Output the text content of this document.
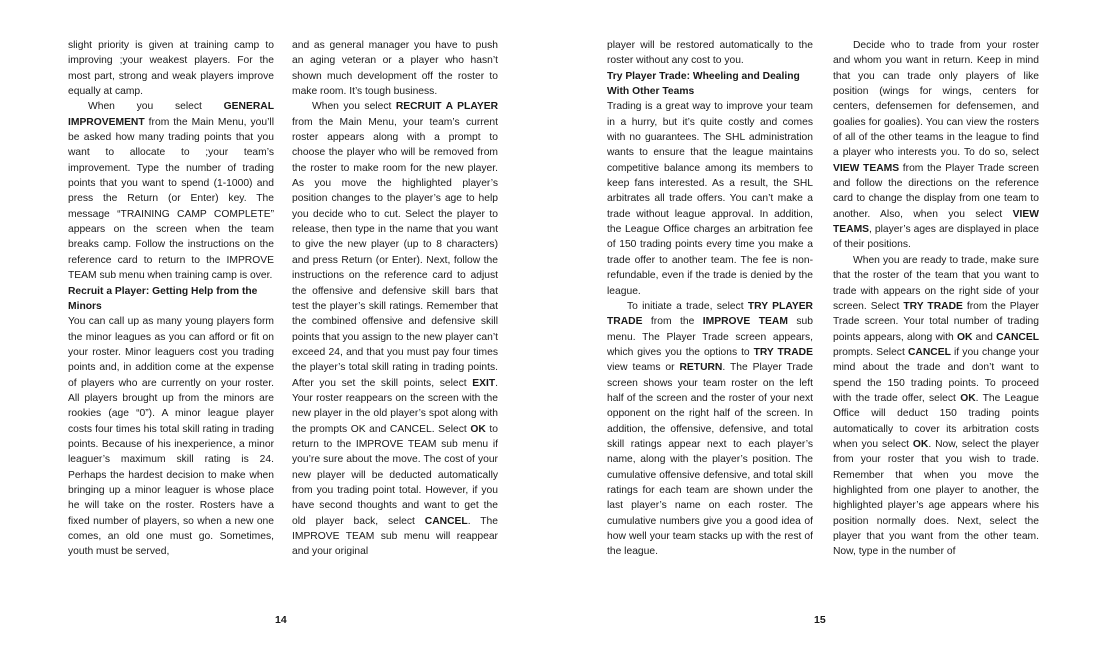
slight priority is given at training camp to improving ;your weakest players. For the most part, strong and weak players improve equally at camp.

When you select GENERAL IMPROVEMENT from the Main Menu, you’ll be asked how many trading points that you want to allocate to ;your team’s improvement. Type the number of trading points that you want to spend (1-1000) and press the Return (or Enter) key. The message “TRAINING CAMP COMPLETE” appears on the screen when the team breaks camp. Follow the instructions on the reference card to return to the IMPROVE TEAM sub menu when training camp is over.

Recruit a Player: Getting Help from the Minors

You can call up as many young players form the minor leagues as you can afford or fit on your roster. Minor leaguers cost you trading points and, in addition come at the expense of players who are currently on your roster. All players brought up from the minors are rookies (age “0”). A minor league player costs four times his total skill rating in trading points. Because of his inexperience, a minor leaguer’s maximum skill rating is 24. Perhaps the hardest decision to make when bringing up a minor leaguer is whose place he will take on the roster. Rosters have a fixed number of players, so when a new one comes, an old one must go. Sometimes, youth must be served,

and as general manager you have to push an aging veteran or a player who hasn’t shown much development off the roster to make room. It’s tough business.

When you select RECRUIT A PLAYER from the Main Menu, your team’s current roster appears along with a prompt to choose the player who will be removed from the roster to make room for the new player. As you move the highlighted player’s position changes to the player’s age to help you decide who to cut. Select the player to release, then type in the name that you want to give the new player (up to 8 characters) and press Return (or Enter). Next, follow the instructions on the reference card to adjust the offensive and defensive skill bars that test the player’s skill ratings. Remember that the combined offensive and defensive skill points that you assign to the new player can’t exceed 24, and that you must pay four times the player’s total skill rating in trading points. After you set the skill points, select EXIT. Your roster reappears on the screen with the new player in the old player’s spot along with the prompts OK and CANCEL. Select OK to return to the IMPROVE TEAM sub menu if you’re sure about the move. The cost of your new player will be deducted automatically from you trading point total. However, if you have second thoughts and want to get the old player back, select CANCEL. The IMPROVE TEAM sub menu will reappear and your original

14

player will be restored automatically to the roster without any cost to you.

Try Player Trade: Wheeling and Dealing With Other Teams

Trading is a great way to improve your team in a hurry, but it’s quite costly and comes with no guarantees. The SHL administration wants to ensure that the league maintains competitive balance among its members to keep fans interested. As a result, the SHL arbitrates all trade offers. You can’t make a trade without league approval. In addition, the League Office charges an arbitration fee of 150 trading points every time you make a trade offer to another team. The fee is non-refundable, even if the trade is denied by the league.

To initiate a trade, select TRY PLAYER TRADE from the IMPROVE TEAM sub menu. The Player Trade screen appears, which gives you the options to TRY TRADE view teams or RETURN. The Player Trade screen shows your team roster on the left half of the screen and the roster of your next opponent on the right half of the screen. In addition, the offensive, defensive, and total skill ratings appear next to each player’s name, along with the player’s position. The cumulative offensive defensive, and total skill ratings for each team are shown under the last player’s name on each roster. The cumulative numbers give you a good idea of how well your team stacks up with the rest of the league.

Decide who to trade from your roster and whom you want in return. Keep in mind that you can trade only players of like position (wings for wings, centers for centers, defensemen for defensemen, and goalies for goalies). You can view the rosters of all of the other teams in the league to find a player who interests you. To do so, select VIEW TEAMS from the Player Trade screen and follow the directions on the reference card to change the display from one team to another. Also, when you select VIEW TEAMS, player’s ages are displayed in place of their positions.

When you are ready to trade, make sure that the roster of the team that you want to trade with appears on the right side of your screen. Select TRY TRADE from the Player Trade screen. Your total number of trading points appears, along with OK and CANCEL prompts. Select CANCEL if you change your mind about the trade and don’t want to spend the 150 trading points. To proceed with the trade offer, select OK. The League Office will deduct 150 trading points automatically to cover its arbitration costs when you select OK. Now, select the player from your roster that you wish to trade. Remember that when you move the highlighted from one player to another, the highlighted player’s age appears where his position normally does. Next, select the player that you want from the other team. Now, type in the number of

15
